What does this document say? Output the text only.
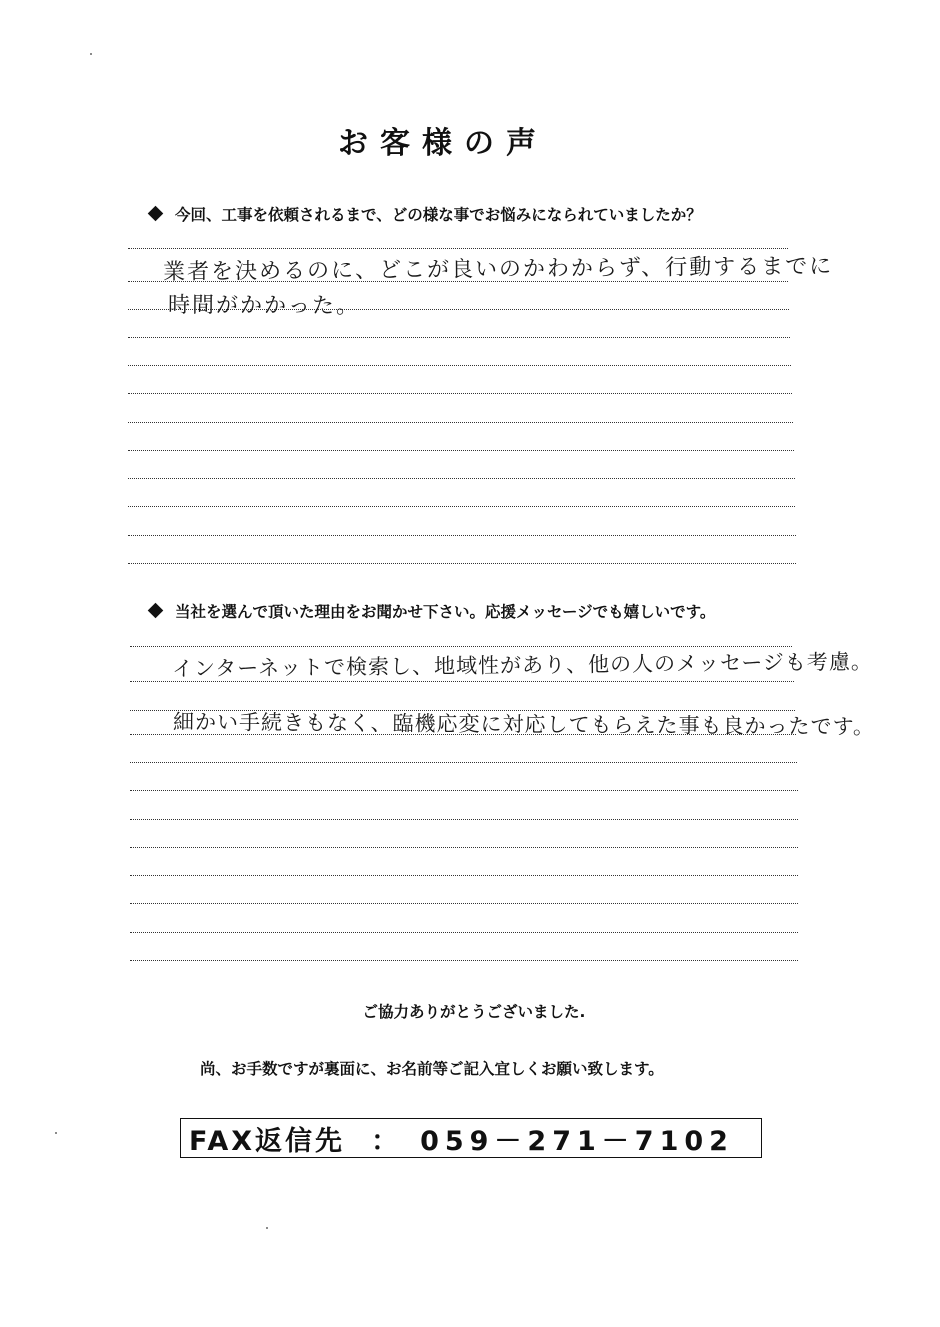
お客様の声
今回、工事を依頼されるまで、どの様な事でお悩みになられていましたか？
業者を決めるのに、どこが良いのかわからず、行動するまでに
時間がかかった。
当社を選んで頂いた理由をお聞かせ下さい。応援メッセージでも嬉しいです。
インターネットで検索し、地域性があり、他の人のメッセージも考慮。
細かい手続きもなく、臨機応変に対応してもらえた事も良かったです。
ご協力ありがとうございました.
尚、お手数ですが裏面に、お名前等ご記入宜しくお願い致します。
FAX返信先 ： 059－271－7102
